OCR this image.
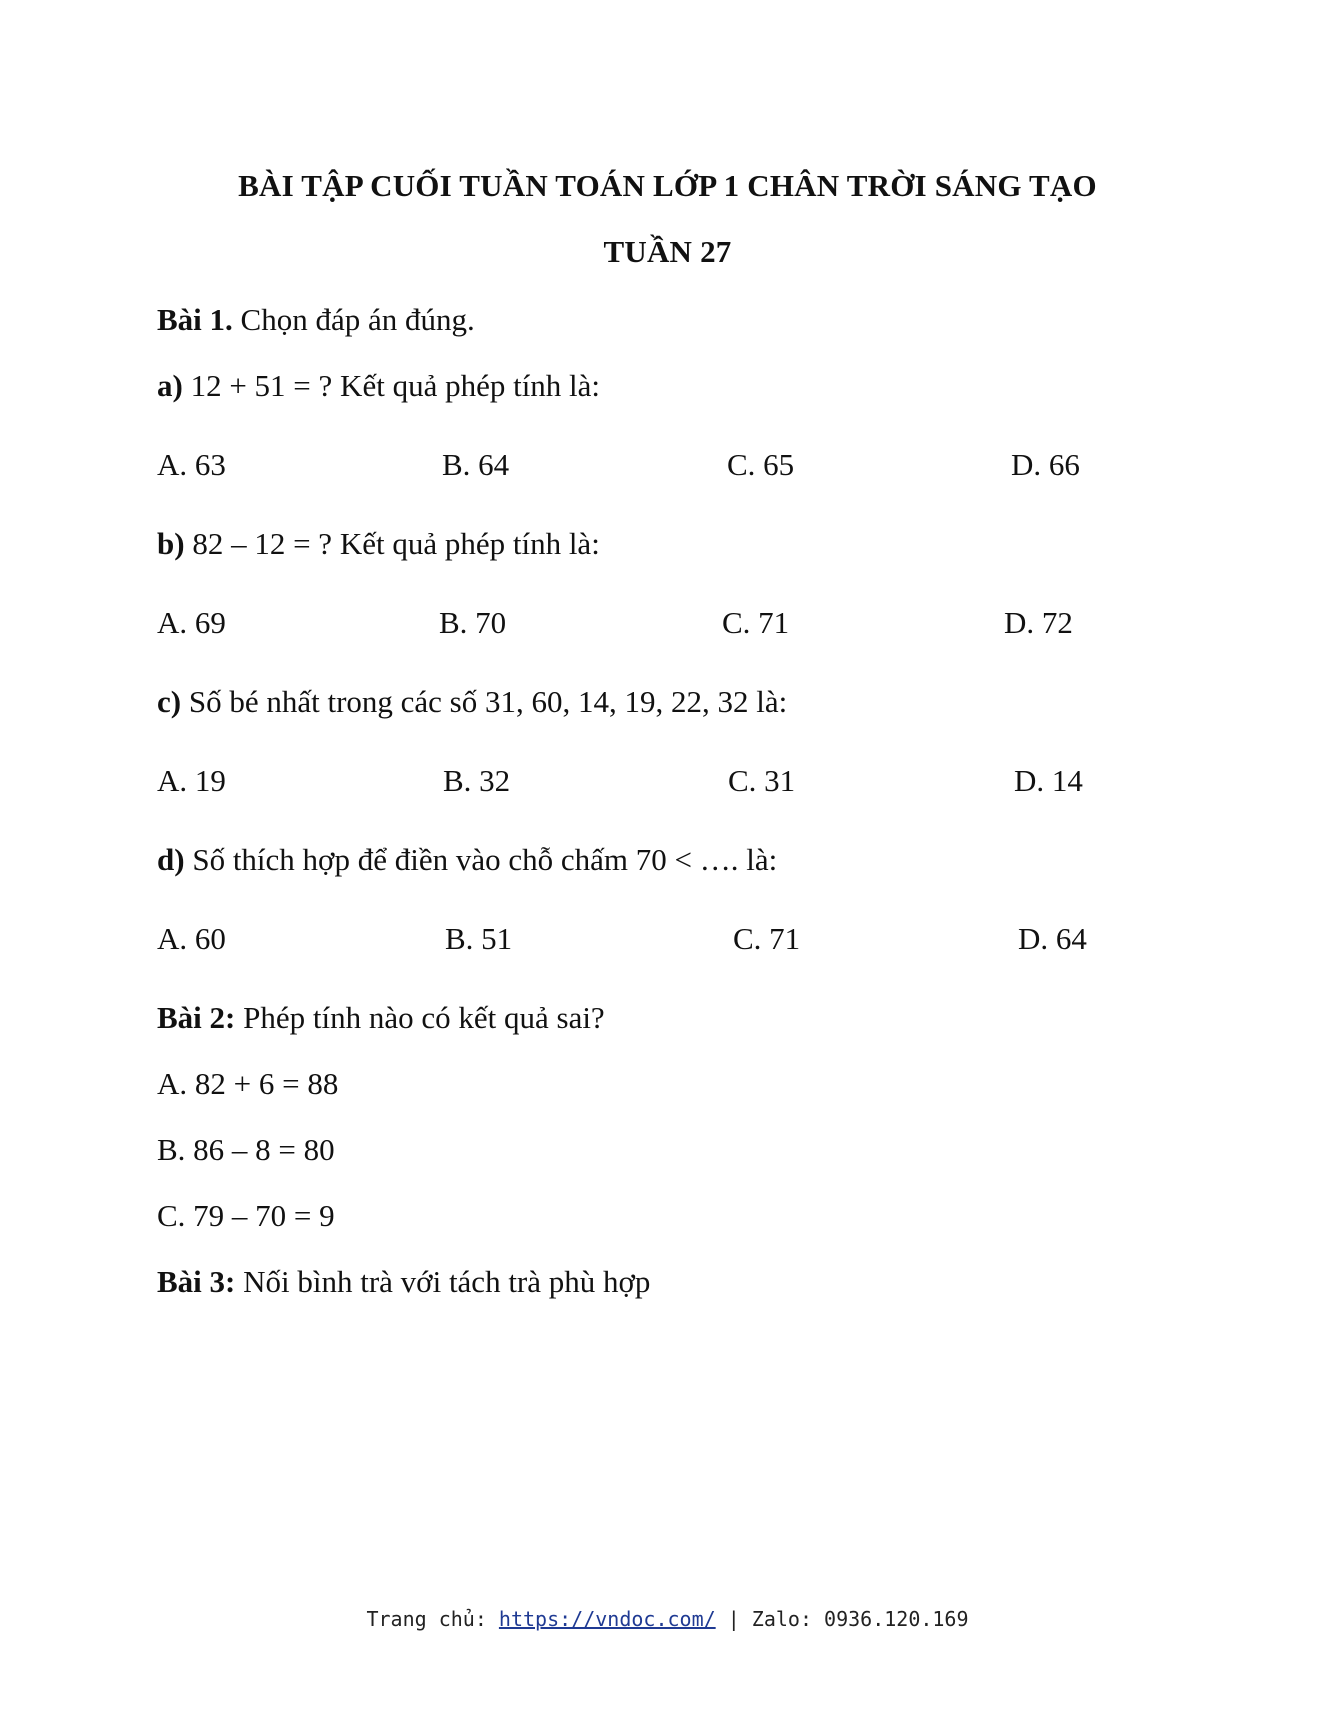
BÀI TẬP CUỐI TUẦN TOÁN LỚP 1 CHÂN TRỜI SÁNG TẠO
TUẦN 27
Bài 1. Chọn đáp án đúng.
a) 12 + 51 = ? Kết quả phép tính là:
A. 63	B. 64	C. 65	D. 66
b) 82 – 12 = ? Kết quả phép tính là:
A. 69	B. 70	C. 71	D. 72
c) Số bé nhất trong các số 31, 60, 14, 19, 22, 32 là:
A. 19	B. 32	C. 31	D. 14
d) Số thích hợp để điền vào chỗ chấm 70 < …. là:
A. 60	B. 51	C. 71	D. 64
Bài 2: Phép tính nào có kết quả sai?
A. 82 + 6 = 88
B. 86 – 8 = 80
C. 79 – 70 = 9
Bài 3: Nối bình trà với tách trà phù hợp
Trang chủ: https://vndoc.com/ | Zalo: 0936.120.169
